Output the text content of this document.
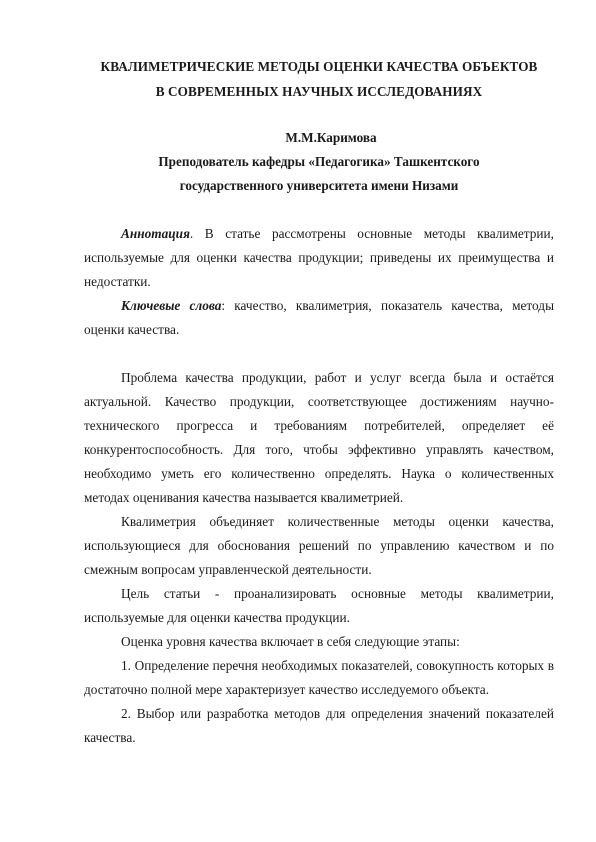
КВАЛИМЕТРИЧЕСКИЕ МЕТОДЫ ОЦЕНКИ КАЧЕСТВА ОБЪЕКТОВ
В СОВРЕМЕННЫХ НАУЧНЫХ ИССЛЕДОВАНИЯХ

М.М.Каримова
Преподователь кафедры «Педагогика» Ташкентского
государственного университета имени Низами

Аннотация. В статье рассмотрены основные методы квалиметрии, используемые для оценки качества продукции; приведены их преимущества и недостатки.

Ключевые слова: качество, квалиметрия, показатель качества, методы оценки качества.

Проблема качества продукции, работ и услуг всегда была и остаётся актуальной. Качество продукции, соответствующее достижениям научно-технического прогресса и требованиям потребителей, определяет её конкурентоспособность. Для того, чтобы эффективно управлять качеством, необходимо уметь его количественно определять. Наука о количественных методах оценивания качества называется квалиметрией.

Квалиметрия объединяет количественные методы оценки качества, использующиеся для обоснования решений по управлению качеством и по смежным вопросам управленческой деятельности.

Цель статьи - проанализировать основные методы квалиметрии, используемые для оценки качества продукции.

Оценка уровня качества включает в себя следующие этапы:

1. Определение перечня необходимых показателей, совокупность которых в достаточно полной мере характеризует качество исследуемого объекта.

2. Выбор или разработка методов для определения значений показателей качества.
